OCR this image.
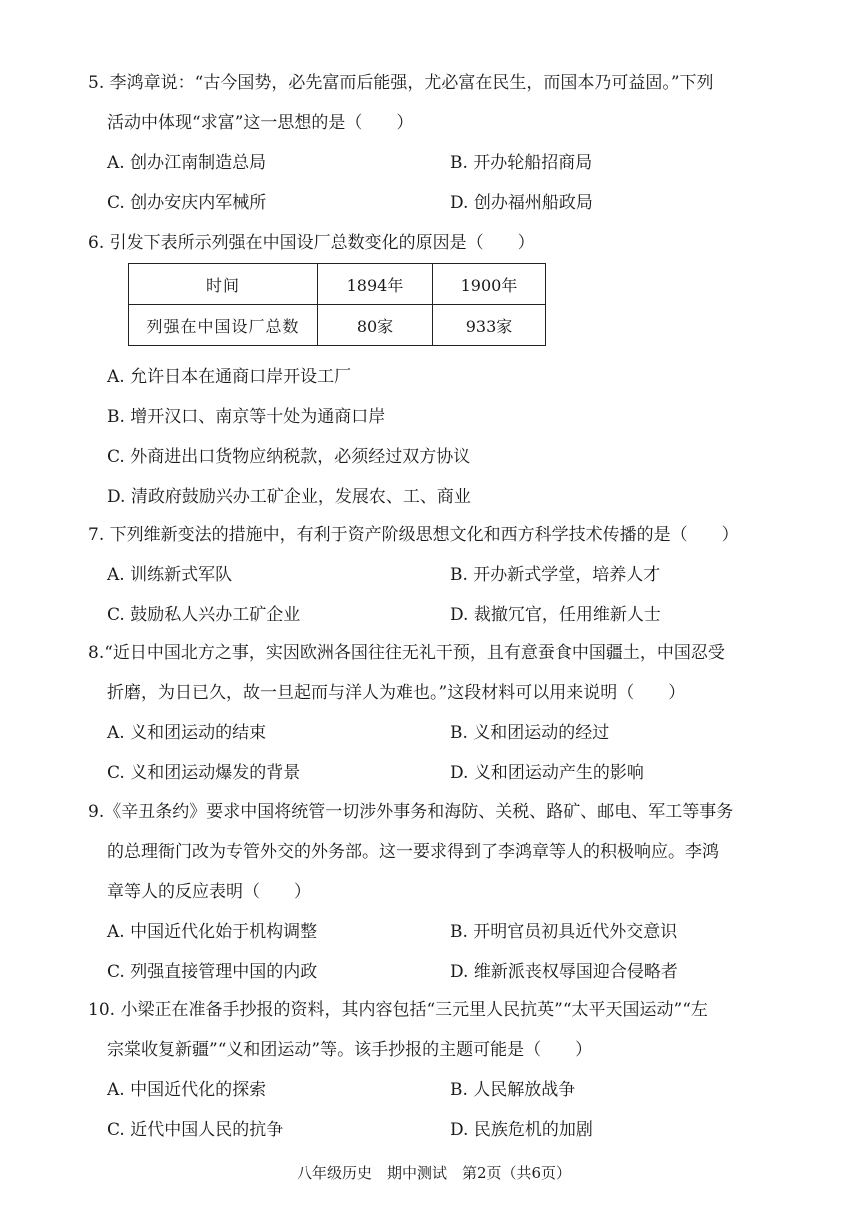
5. 李鸿章说：“古今国势，必先富而后能强，尤必富在民生，而国本乃可益固。”下列
活动中体现“求富”这一思想的是（　　）
A. 创办江南制造总局	B. 开办轮船招商局
C. 创办安庆内军械所	D. 创办福州船政局
6. 引发下表所示列强在中国设厂总数变化的原因是（　　）
时间	1894年	1900年
列强在中国设厂总数	80家	933家
A. 允许日本在通商口岸开设工厂
B. 增开汉口、南京等十处为通商口岸
C. 外商进出口货物应纳税款，必须经过双方协议
D. 清政府鼓励兴办工矿企业，发展农、工、商业
7. 下列维新变法的措施中，有利于资产阶级思想文化和西方科学技术传播的是（　　）
A. 训练新式军队	B. 开办新式学堂，培养人才
C. 鼓励私人兴办工矿企业	D. 裁撤冗官，任用维新人士
8.“近日中国北方之事，实因欧洲各国往往无礼干预，且有意蚕食中国疆土，中国忍受
折磨，为日已久，故一旦起而与洋人为难也。”这段材料可以用来说明（　　）
A. 义和团运动的结束	B. 义和团运动的经过
C. 义和团运动爆发的背景	D. 义和团运动产生的影响
9.《辛丑条约》要求中国将统管一切涉外事务和海防、关税、路矿、邮电、军工等事务
的总理衙门改为专管外交的外务部。这一要求得到了李鸿章等人的积极响应。李鸿
章等人的反应表明（　　）
A. 中国近代化始于机构调整	B. 开明官员初具近代外交意识
C. 列强直接管理中国的内政	D. 维新派丧权辱国迎合侵略者
10. 小梁正在准备手抄报的资料，其内容包括“三元里人民抗英”“太平天国运动”“左
宗棠收复新疆”“义和团运动”等。该手抄报的主题可能是（　　）
A. 中国近代化的探索	B. 人民解放战争
C. 近代中国人民的抗争	D. 民族危机的加剧
八年级历史　期中测试　第2页（共6页）
